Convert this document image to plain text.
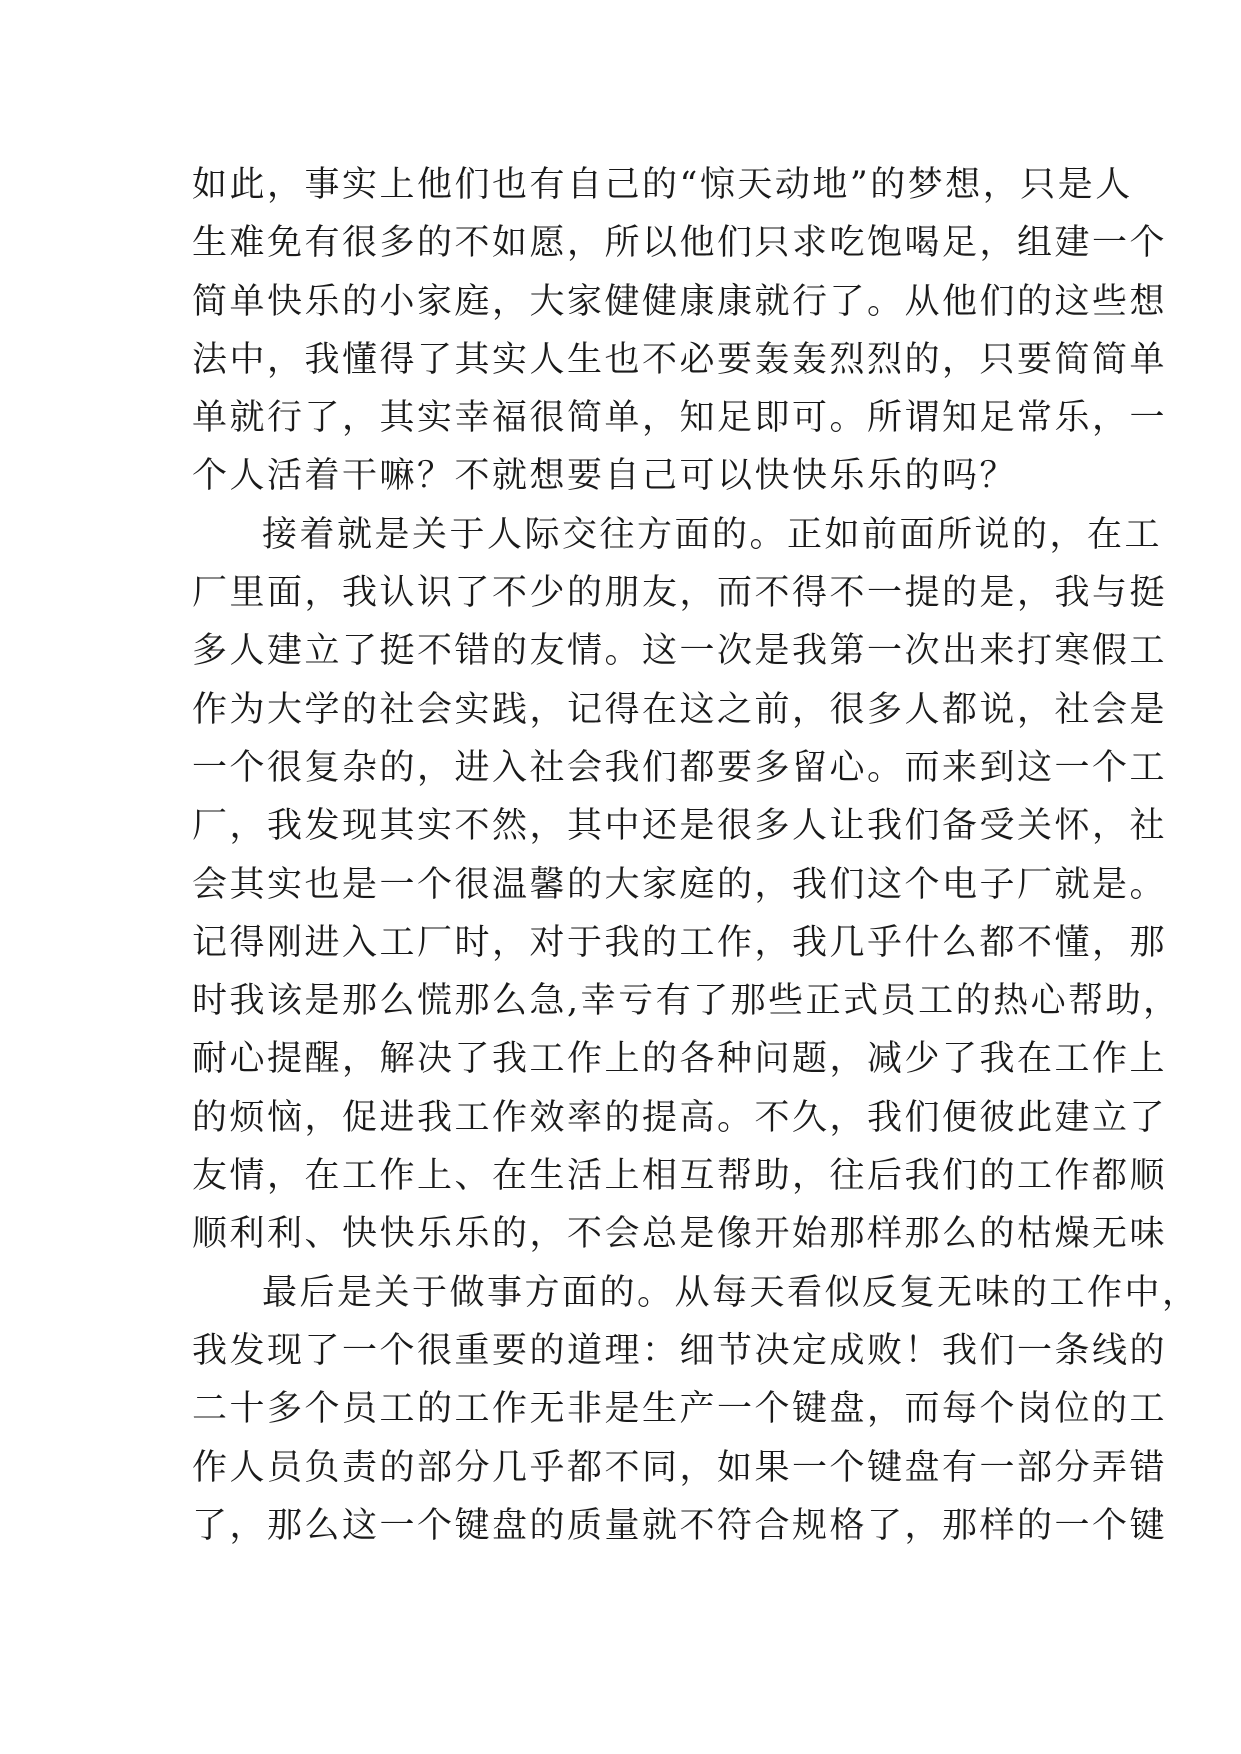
如此，事实上他们也有自己的“惊天动地”的梦想，只是人
生难免有很多的不如愿，所以他们只求吃饱喝足，组建一个
简单快乐的小家庭，大家健健康康就行了。从他们的这些想
法中，我懂得了其实人生也不必要轰轰烈烈的，只要简简单
单就行了，其实幸福很简单，知足即可。所谓知足常乐，一
个人活着干嘛？不就想要自己可以快快乐乐的吗？
接着就是关于人际交往方面的。正如前面所说的，在工
厂里面，我认识了不少的朋友，而不得不一提的是，我与挺
多人建立了挺不错的友情。这一次是我第一次出来打寒假工
作为大学的社会实践，记得在这之前，很多人都说，社会是
一个很复杂的，进入社会我们都要多留心。而来到这一个工
厂，我发现其实不然，其中还是很多人让我们备受关怀，社
会其实也是一个很温馨的大家庭的，我们这个电子厂就是。
记得刚进入工厂时，对于我的工作，我几乎什么都不懂，那
时我该是那么慌那么急,幸亏有了那些正式员工的热心帮助，
耐心提醒，解决了我工作上的各种问题，减少了我在工作上
的烦恼，促进我工作效率的提高。不久，我们便彼此建立了
友情，在工作上、在生活上相互帮助，往后我们的工作都顺
顺利利、快快乐乐的，不会总是像开始那样那么的枯燥无味
最后是关于做事方面的。从每天看似反复无味的工作中，
我发现了一个很重要的道理：细节决定成败！我们一条线的
二十多个员工的工作无非是生产一个键盘，而每个岗位的工
作人员负责的部分几乎都不同，如果一个键盘有一部分弄错
了，那么这一个键盘的质量就不符合规格了，那样的一个键
